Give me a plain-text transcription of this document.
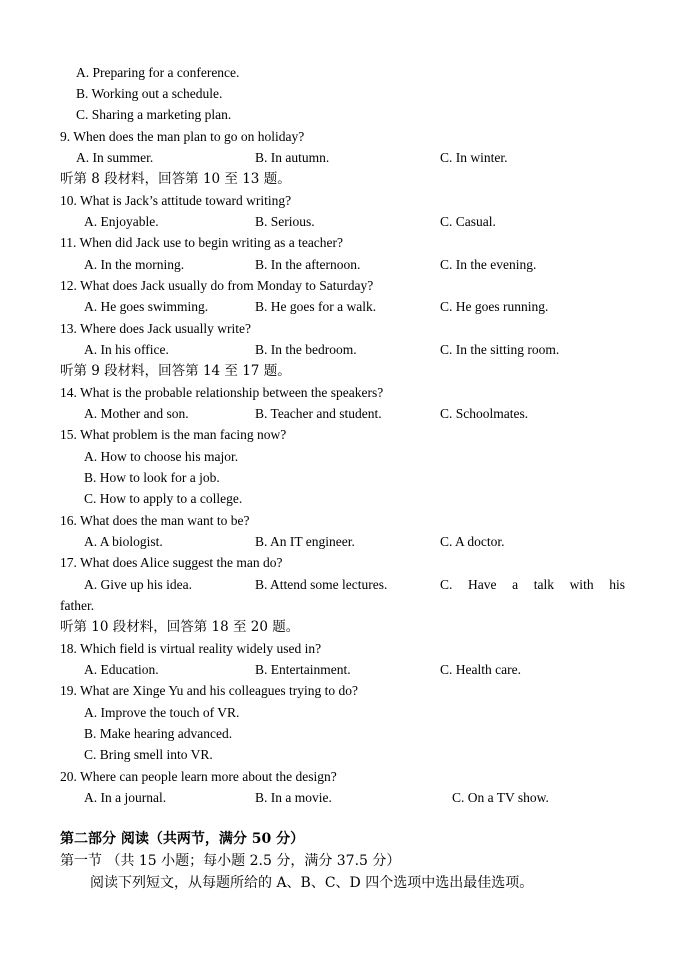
A. Preparing for a conference.
B. Working out a schedule.
C. Sharing a marketing plan.
9. When does the man plan to go on holiday?
A. In summer.	B. In autumn.	C. In winter.
听第 8 段材料，回答第 10 至 13 题。
10. What is Jack’s attitude toward writing?
A. Enjoyable.	B. Serious.	C. Casual.
11. When did Jack use to begin writing as a teacher?
A. In the morning.	B. In the afternoon.	C. In the evening.
12. What does Jack usually do from Monday to Saturday?
A. He goes swimming.	B. He goes for a walk.	C. He goes running.
13. Where does Jack usually write?
A. In his office.	B. In the bedroom.	C. In the sitting room.
听第 9 段材料，回答第 14 至 17 题。
14. What is the probable relationship between the speakers?
A. Mother and son.	B. Teacher and student.	C. Schoolmates.
15. What problem is the man facing now?
A. How to choose his major.
B. How to look for a job.
C. How to apply to a college.
16. What does the man want to be?
A. A biologist.	B. An IT engineer.	C. A doctor.
17. What does Alice suggest the man do?
A. Give up his idea.	B. Attend some lectures.	C. Have a talk with his
father.
听第 10 段材料，回答第 18 至 20 题。
18. Which field is virtual reality widely used in?
A. Education.	B. Entertainment.	C. Health care.
19. What are Xinge Yu and his colleagues trying to do?
A. Improve the touch of VR.
B. Make hearing advanced.
C. Bring smell into VR.
20. Where can people learn more about the design?
A. In a journal.	B. In a movie.	C. On a TV show.
第二部分 阅读（共两节，满分 50 分）
第一节 （共 15 小题；每小题 2.5 分，满分 37.5 分）
阅读下列短文，从每题所给的 A、B、C、D 四个选项中选出最佳选项。
